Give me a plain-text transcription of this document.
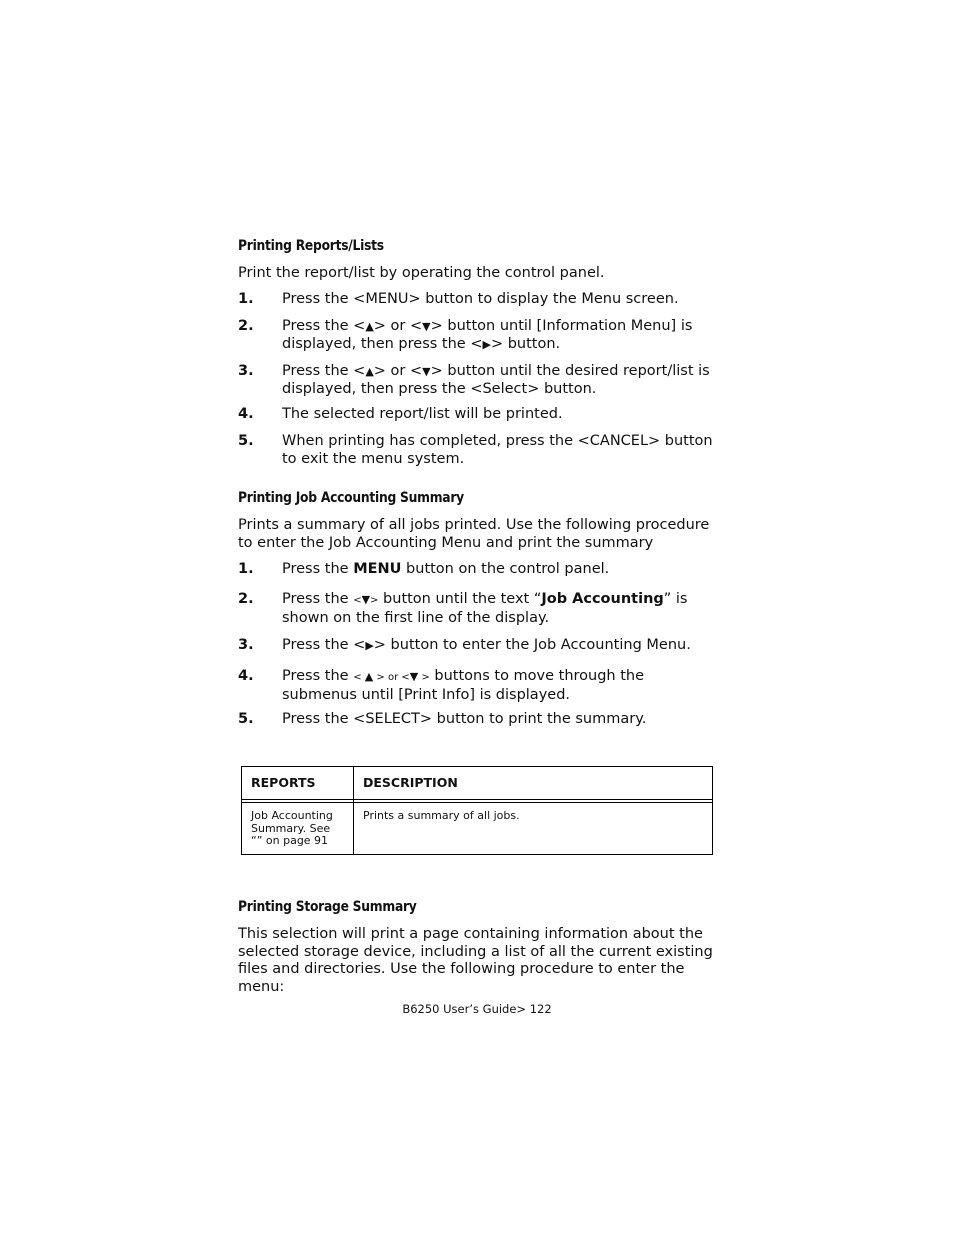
Printing Reports/Lists
Print the report/list by operating the control panel.
1. Press the <MENU> button to display the Menu screen.
2. Press the <▲> or <▼> button until [Information Menu] is displayed, then press the <▶> button.
3. Press the <▲> or <▼> button until the desired report/list is displayed, then press the <Select> button.
4. The selected report/list will be printed.
5. When printing has completed, press the <CANCEL> button to exit the menu system.
Printing Job Accounting Summary
Prints a summary of all jobs printed. Use the following procedure to enter the Job Accounting Menu and print the summary
1. Press the MENU button on the control panel.
2. Press the <▼> button until the text “Job Accounting” is shown on the first line of the display.
3. Press the <▶> button to enter the Job Accounting Menu.
4. Press the < ▲ > or <▼ > buttons to move through the submenus until [Print Info] is displayed.
5. Press the <SELECT> button to print the summary.
REPORTS	DESCRIPTION

Job Accounting Summary. See “” on page 91	Prints a summary of all jobs.
Printing Storage Summary
This selection will print a page containing information about the selected storage device, including a list of all the current existing files and directories. Use the following procedure to enter the menu:
B6250 User’s Guide> 122
